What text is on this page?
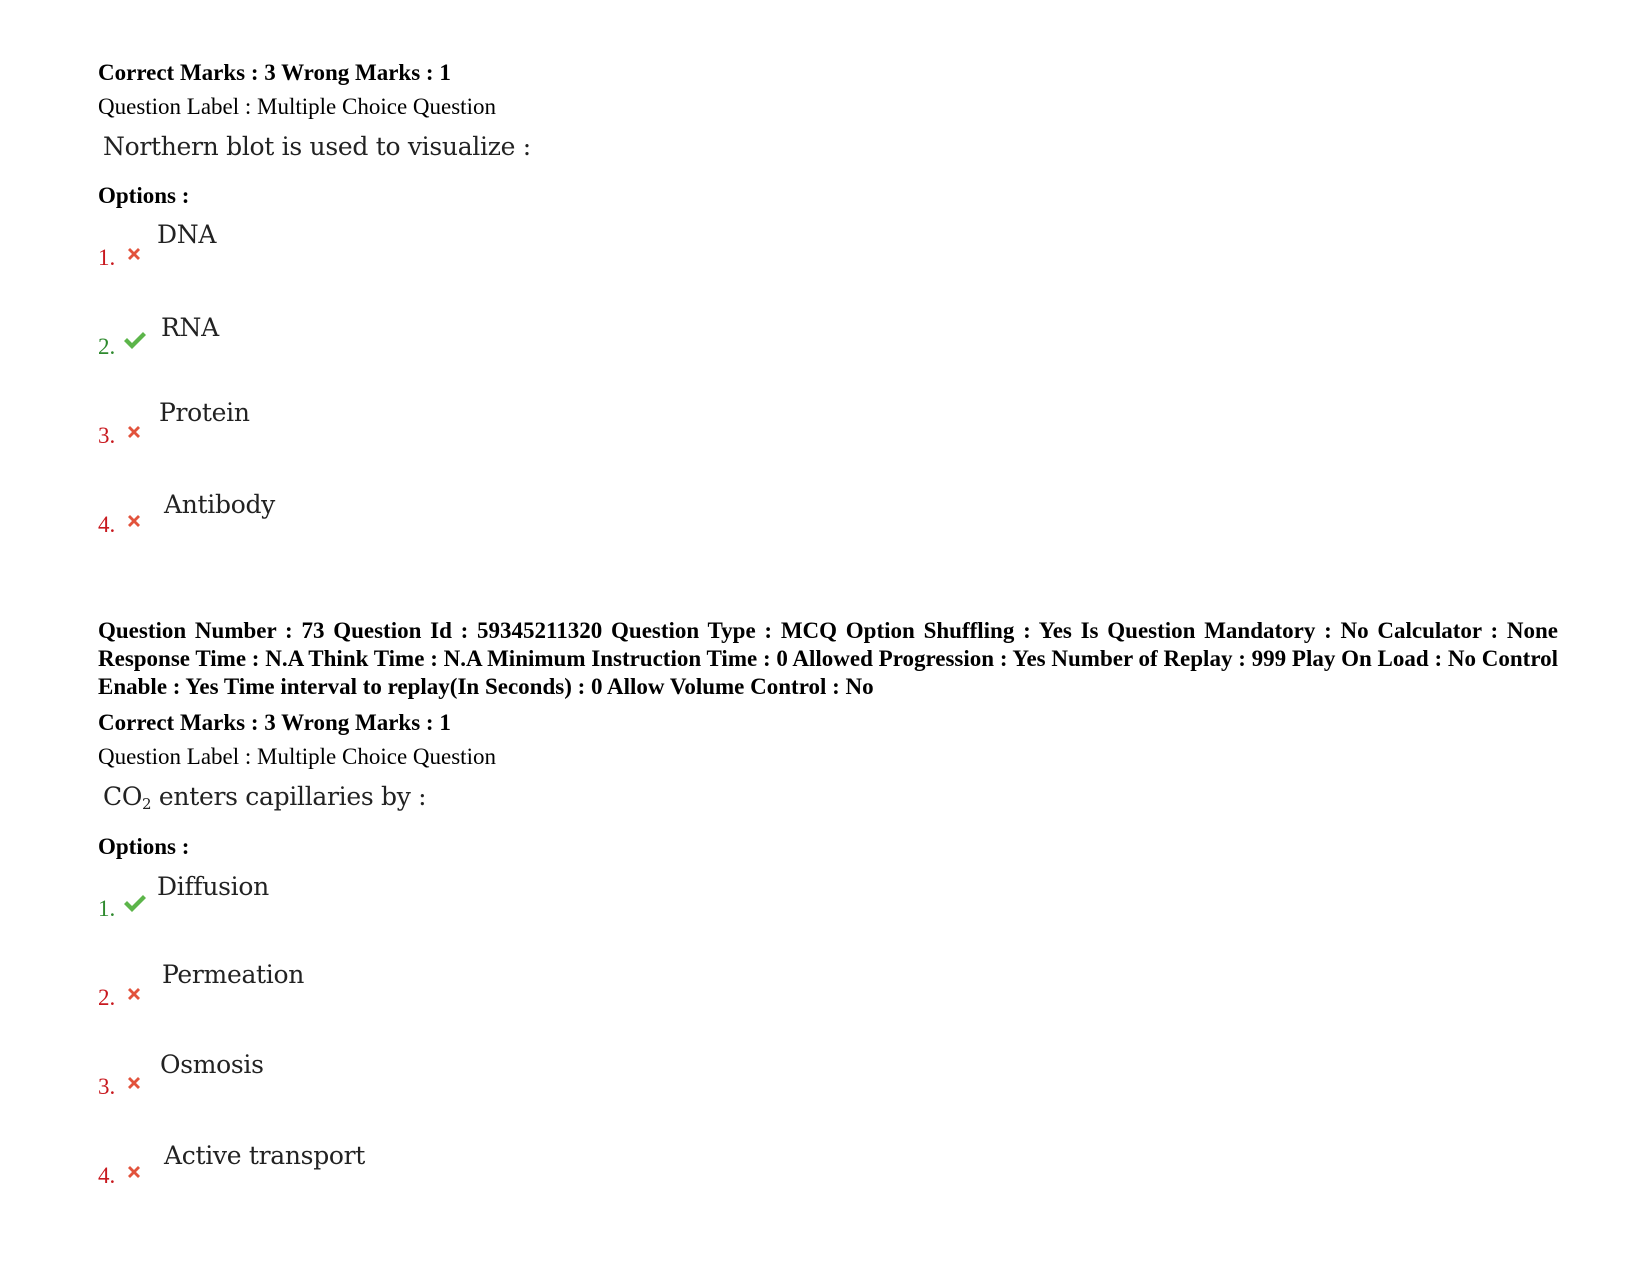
Correct Marks : 3 Wrong Marks : 1
Question Label : Multiple Choice Question
Northern blot is used to visualize :
Options :
1.
DNA
2.
RNA
3.
Protein
4.
Antibody
Question Number : 73 Question Id : 59345211320 Question Type : MCQ Option Shuffling : Yes Is Question Mandatory : No Calculator : None Response Time : N.A Think Time : N.A Minimum Instruction Time : 0 Allowed Progression : Yes Number of Replay : 999 Play On Load : No Control Enable : Yes Time interval to replay(In Seconds) : 0 Allow Volume Control : No
Correct Marks : 3 Wrong Marks : 1
Question Label : Multiple Choice Question
$CO_2$ enters capillaries by :
Options :
1.
Diffusion
2.
Permeation
3.
Osmosis
4.
Active transport
